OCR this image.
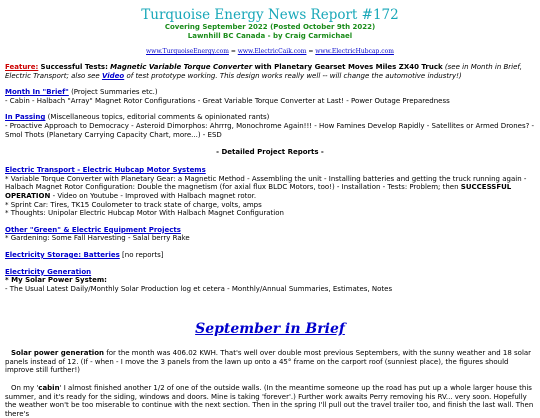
Turquoise Energy News Report #172
Covering September 2022 (Posted October 9th 2022)
Lawnhill BC Canada - by Craig Carmichael
www.TurquoiseEnergy.com = www.ElectricCaik.com = www.ElectricHubcap.com
Feature: Successful Tests: Magnetic Variable Torque Converter with Planetary Gearset Moves Miles ZX40 Truck (see in Month in Brief, Electric Transport; also see Video of test prototype working. This design works really well -- will change the automotive industry!)
Month In "Brief" (Project Summaries etc.)
- Cabin - Halbach "Array" Magnet Rotor Configurations - Great Variable Torque Converter at Last! - Power Outage Preparedness
In Passing (Miscellaneous topics, editorial comments & opinionated rants)
- Proactive Approach to Democracy - Asteroid Dimorphos: Ahrrrg, Monochrome Again!!! - How Famines Develop Rapidly - Satellites or Armed Drones? - Smol Thots (Planetary Carrying Capacity Chart, more...) - ESD
- Detailed Project Reports -
Electric Transport - Electric Hubcap Motor Systems
* Variable Torque Converter with Planetary Gear: a Magnetic Method - Assembling the unit - Installing batteries and getting the truck running again - Halbach Magnet Rotor Configuration: Double the magnetism (for axial flux BLDC Motors, too!) - Installation - Tests: Problem; then SUCCESSFUL OPERATION - Video on Youtube - Improved with Halbach magnet rotor.
* Sprint Car: Tires, TK15 Coulometer to track state of charge, volts, amps
* Thoughts: Unipolar Electric Hubcap Motor With Halbach Magnet Configuration
Other "Green" & Electric Equipment Projects
* Gardening: Some Fall Harvesting - Salal berry Rake
Electricity Storage: Batteries [no reports]
Electricity Generation
* My Solar Power System:
- The Usual Latest Daily/Monthly Solar Production log et cetera - Monthly/Annual Summaries, Estimates, Notes
September in Brief
Solar power generation for the month was 406.02 KWH. That's well over double most previous Septembers, with the sunny weather and 18 solar panels instead of 12. (If - when - I move the 3 panels from the lawn up onto a 45° frame on the carport roof (sunniest place), the figures should improve still further!)
On my 'cabin' I almost finished another 1/2 of one of the outside walls. (In the meantime someone up the road has put up a whole larger house this summer, and it's ready for the siding, windows and doors. Mine is taking 'forever'.) Further work awaits Perry removing his RV... very soon. Hopefully the weather won't be too miserable to continue with the next section. Then in the spring I'll pull out the travel trailer too, and finish the last wall. Then there's
